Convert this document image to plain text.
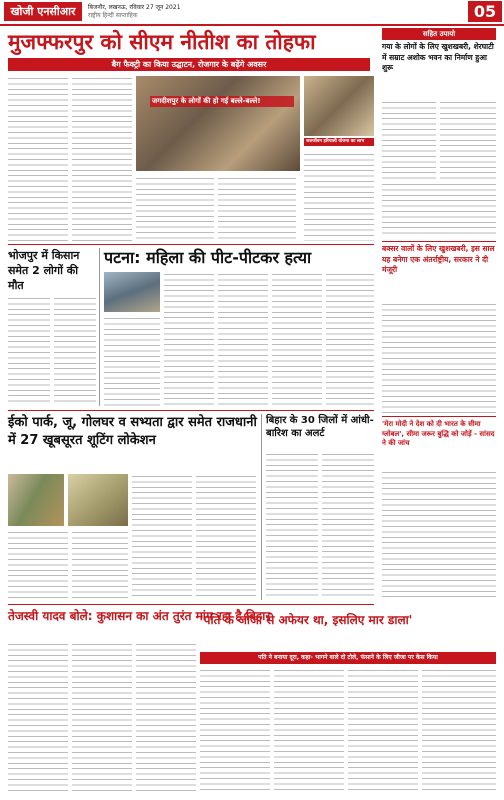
खोजी एनसीआर	बिजनौर, लखनऊ, रविवार 27 जून 2021
राष्ट्रीय हिन्दी साप्ताहिक	05
मुजफ्फरपुर को सीएम नीतीश का तोहफा
बैग फैक्ट्री का किया उद्घाटन, रोजगार के बढ़ेंगे अवसर
जगदीशपुर के लोगों की हो गई बल्ले-बल्ले!
जलजीवन हरियाली योजना का लाभ
भोजपुर में किसान समेत 2 लोगों की मौत
पटना: महिला की पीट-पीटकर हत्या
ईको पार्क, जू, गोलघर व सभ्यता द्वार समेत राजधानी में 27 खूबसूरत शूटिंग लोकेशन
बिहार के 30 जिलों में आंधी-बारिश का अलर्ट
तेजस्वी यादव बोले: कुशासन का अंत तुरंत मांग रहा है बिहार
सहित उपायो
गया के लोगों के लिए खुशखबरी, शेरघाटी में सम्राट अशोक भवन का निर्माण हुआ शुरू
बक्सर वालों के लिए खुशखबरी, इस साल यह बनेगा एक अंतर्राष्ट्रीय, सरकार ने दी मंजूरी
'मेरा मोदी ने देश को दी भारत के सीमा ग्लोबल', सीमा जरूर बुद्धि को जोड़ें - सांसद ने की जांच
'पति के जीजा से अफेयर था, इसलिए मार डाला'
पति ने बनाया दूरा, कहा- भागने वाले दो टोले, फंसाने के लिए जीजा पर केस किया
